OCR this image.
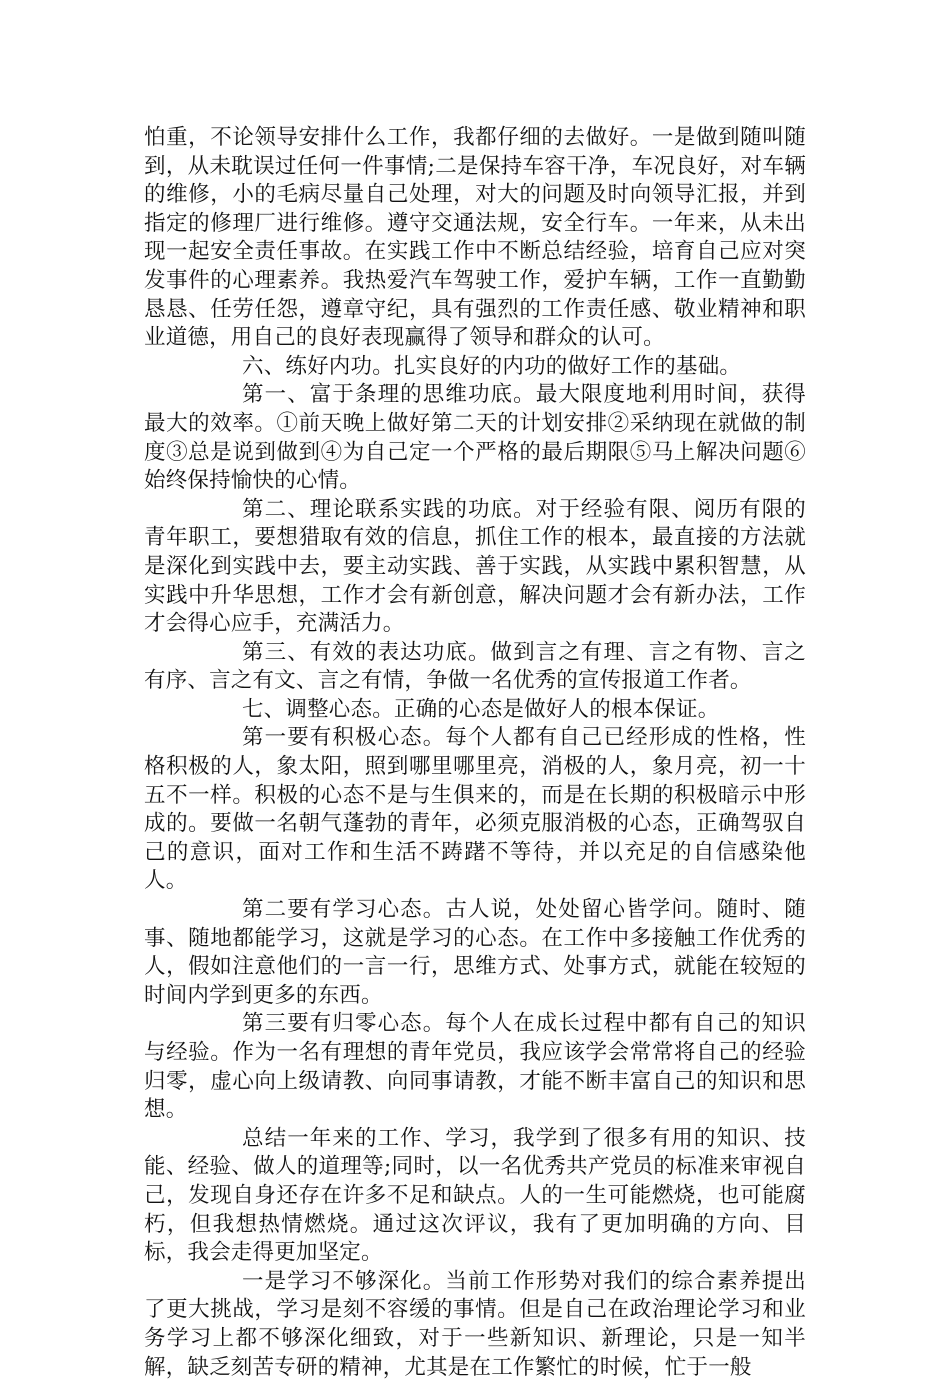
怕重，不论领导安排什么工作，我都仔细的去做好。一是做到随叫随到，从未耽误过任何一件事情;二是保持车容干净，车况良好，对车辆的维修，小的毛病尽量自己处理，对大的问题及时向领导汇报，并到指定的修理厂进行维修。遵守交通法规，安全行车。一年来，从未出现一起安全责任事故。在实践工作中不断总结经验，培育自己应对突发事件的心理素养。我热爱汽车驾驶工作，爱护车辆，工作一直勤勤恳恳、任劳任怨，遵章守纪，具有强烈的工作责任感、敬业精神和职业道德，用自己的良好表现赢得了领导和群众的认可。

六、练好内功。扎实良好的内功的做好工作的基础。

第一、富于条理的思维功底。最大限度地利用时间，获得最大的效率。①前天晚上做好第二天的计划安排②采纳现在就做的制度③总是说到做到④为自己定一个严格的最后期限⑤马上解决问题⑥始终保持愉快的心情。

第二、理论联系实践的功底。对于经验有限、阅历有限的青年职工，要想猎取有效的信息，抓住工作的根本，最直接的方法就是深化到实践中去，要主动实践、善于实践，从实践中累积智慧，从实践中升华思想，工作才会有新创意，解决问题才会有新办法，工作才会得心应手，充满活力。

第三、有效的表达功底。做到言之有理、言之有物、言之有序、言之有文、言之有情，争做一名优秀的宣传报道工作者。

七、调整心态。正确的心态是做好人的根本保证。

第一要有积极心态。每个人都有自己已经形成的性格，性格积极的人，象太阳，照到哪里哪里亮，消极的人，象月亮，初一十五不一样。积极的心态不是与生俱来的，而是在长期的积极暗示中形成的。要做一名朝气蓬勃的青年，必须克服消极的心态，正确驾驭自己的意识，面对工作和生活不踌躇不等待，并以充足的自信感染他人。

第二要有学习心态。古人说，处处留心皆学问。随时、随事、随地都能学习，这就是学习的心态。在工作中多接触工作优秀的人，假如注意他们的一言一行，思维方式、处事方式，就能在较短的时间内学到更多的东西。

第三要有归零心态。每个人在成长过程中都有自己的知识与经验。作为一名有理想的青年党员，我应该学会常常将自己的经验归零，虚心向上级请教、向同事请教，才能不断丰富自己的知识和思想。

总结一年来的工作、学习，我学到了很多有用的知识、技能、经验、做人的道理等;同时，以一名优秀共产党员的标准来审视自己，发现自身还存在许多不足和缺点。人的一生可能燃烧，也可能腐朽，但我想热情燃烧。通过这次评议，我有了更加明确的方向、目标，我会走得更加坚定。

一是学习不够深化。当前工作形势对我们的综合素养提出了更大挑战，学习是刻不容缓的事情。但是自己在政治理论学习和业务学习上都不够深化细致，对于一些新知识、新理论，只是一知半解，缺乏刻苦专研的精神，尤其是在工作繁忙的时候，忙于一般
